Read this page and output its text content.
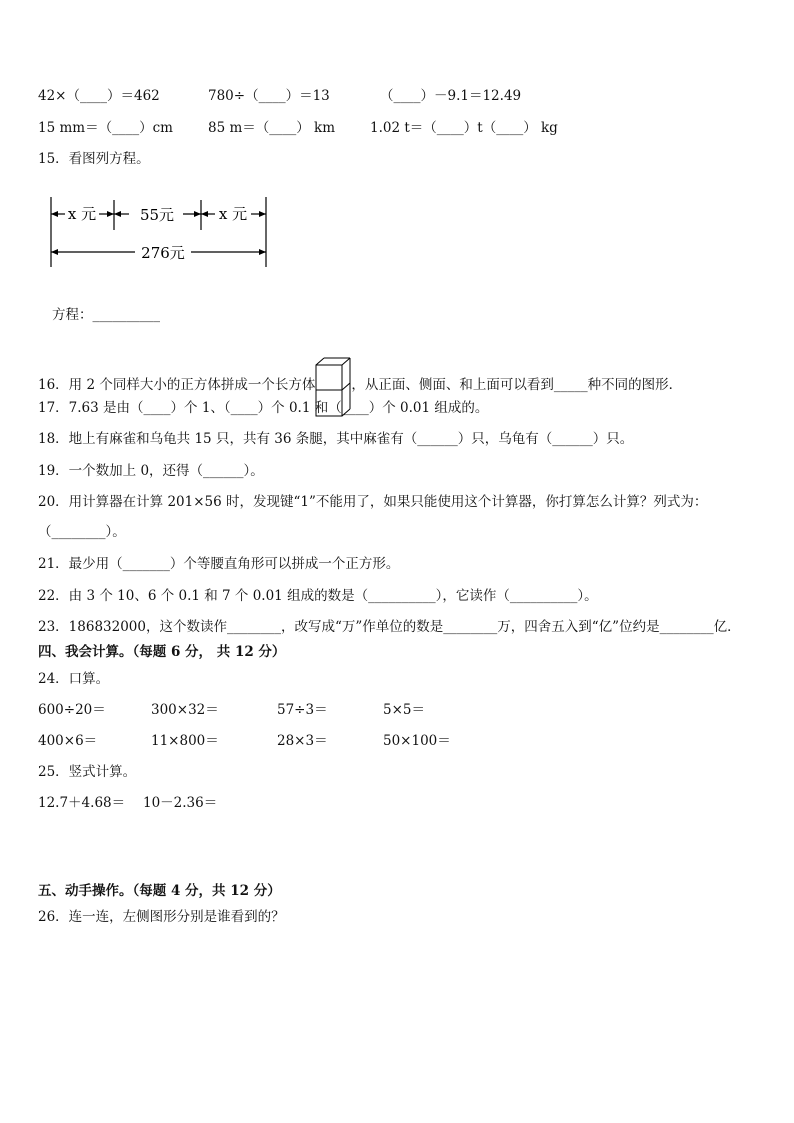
42×（____）＝462	780÷（____）＝13	（____）－9.1＝12.49
15 mm＝（____）cm	85 m＝（____） km	1.02 t＝（____）t（____） kg
15．看图列方程。
x 元	55元	x 元
276元
方程：__________
16．用 2 个同样大小的正方体拼成一个长方体	，从正面、侧面、和上面可以看到_____种不同的图形．
17．7.63 是由（____）个 1、（____）个 0.1 和（____）个 0.01 组成的。
18．地上有麻雀和乌龟共 15 只，共有 36 条腿，其中麻雀有（______）只，乌龟有（______）只。
19．一个数加上 0，还得（______）。
20．用计算器在计算 201×56 时，发现键“1”不能用了，如果只能使用这个计算器，你打算怎么计算？列式为：
（________）。
21．最少用（_______）个等腰直角形可以拼成一个正方形。
22．由 3 个 10、6 个 0.1 和 7 个 0.01 组成的数是（__________），它读作（__________）。
23．186832000，这个数读作________，改写成“万”作单位的数是________万，四舍五入到“亿”位约是________亿．
四、我会计算。（每题 6 分， 共 12 分）
24．口算。
600÷20＝	300×32＝	57÷3＝	5×5＝
400×6＝	11×800＝	28×3＝	50×100＝
25．竖式计算。
12.7＋4.68＝ 10－2.36＝
五、动手操作。（每题 4 分，共 12 分）
26．连一连，左侧图形分别是谁看到的？
